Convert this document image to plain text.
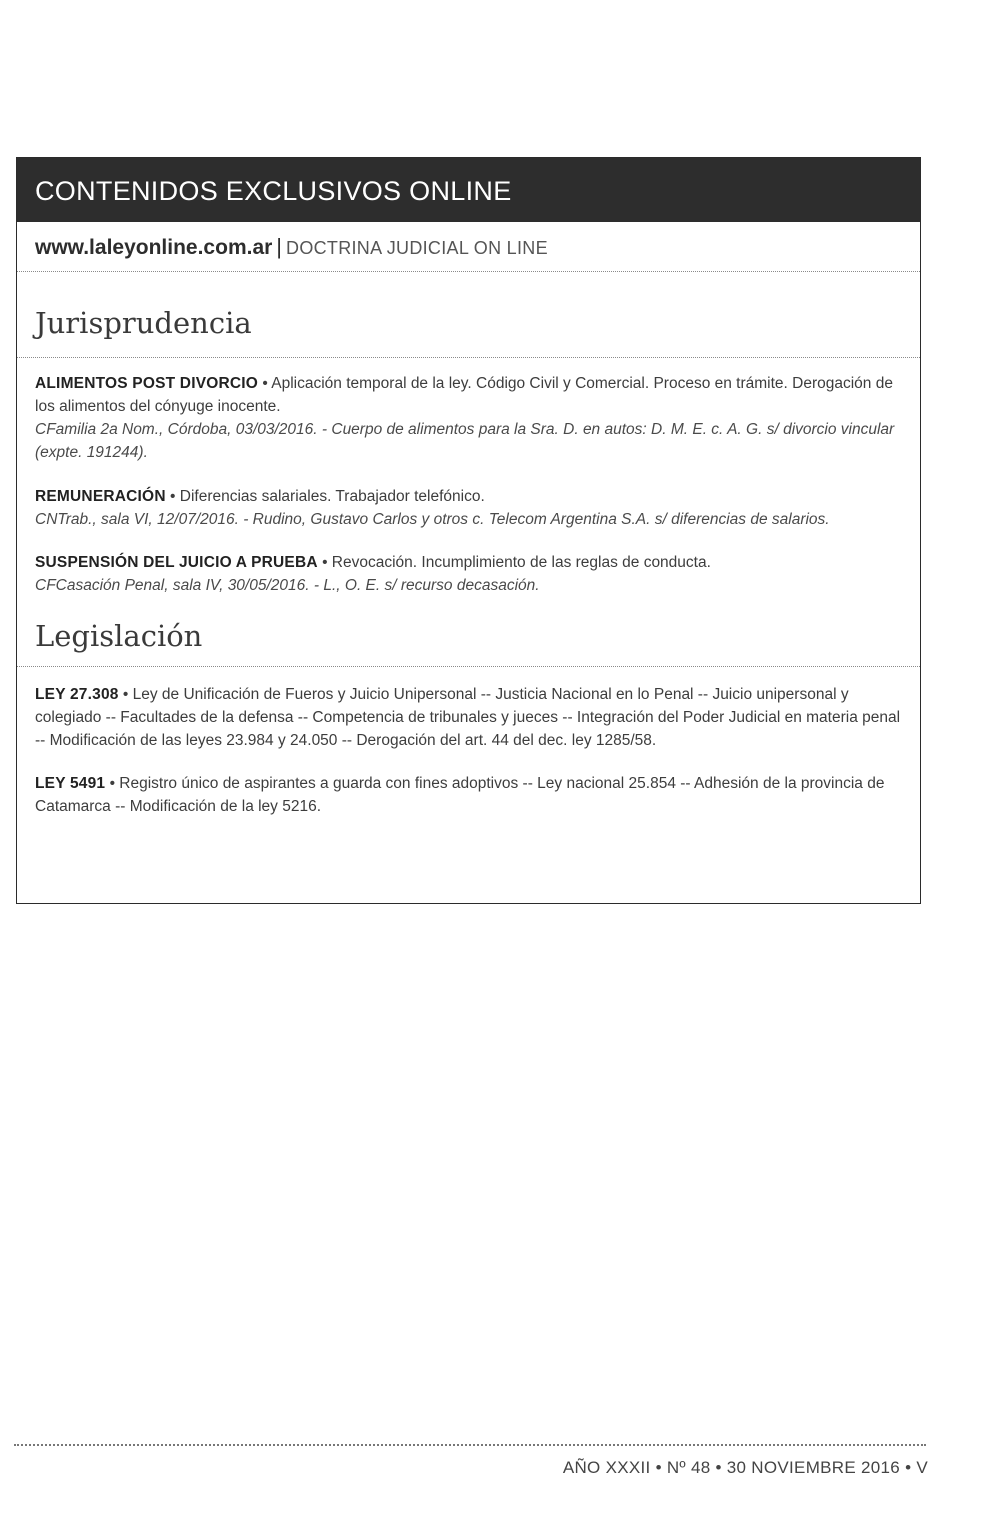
CONTENIDOS EXCLUSIVOS ONLINE
www.laleyonline.com.ar | DOCTRINA JUDICIAL ON LINE
Jurisprudencia
ALIMENTOS POST DIVORCIO • Aplicación temporal de la ley. Código Civil y Comercial. Proceso en trámite. Derogación de los alimentos del cónyuge inocente.
CFamilia 2a Nom., Córdoba, 03/03/2016. - Cuerpo de alimentos para la Sra. D. en autos: D. M. E. c. A. G. s/ divorcio vincular (expte. 191244).
REMUNERACIÓN • Diferencias salariales. Trabajador telefónico.
CNTrab., sala VI, 12/07/2016. - Rudino, Gustavo Carlos y otros c. Telecom Argentina S.A. s/ diferencias de salarios.
SUSPENSIÓN DEL JUICIO A PRUEBA • Revocación. Incumplimiento de las reglas de conducta.
CFCasación Penal, sala IV, 30/05/2016. - L., O. E. s/ recurso decasación.
Legislación
LEY 27.308 • Ley de Unificación de Fueros y Juicio Unipersonal -- Justicia Nacional en lo Penal -- Juicio unipersonal y colegiado -- Facultades de la defensa -- Competencia de tribunales y jueces -- Integración del Poder Judicial en materia penal -- Modificación de las leyes 23.984 y 24.050 -- Derogación del art. 44 del dec. ley 1285/58.
LEY 5491 • Registro único de aspirantes a guarda con fines adoptivos -- Ley nacional 25.854 -- Adhesión de la provincia de Catamarca -- Modificación de la ley 5216.
AÑO XXXII • Nº 48 • 30 NOVIEMBRE 2016 • V
